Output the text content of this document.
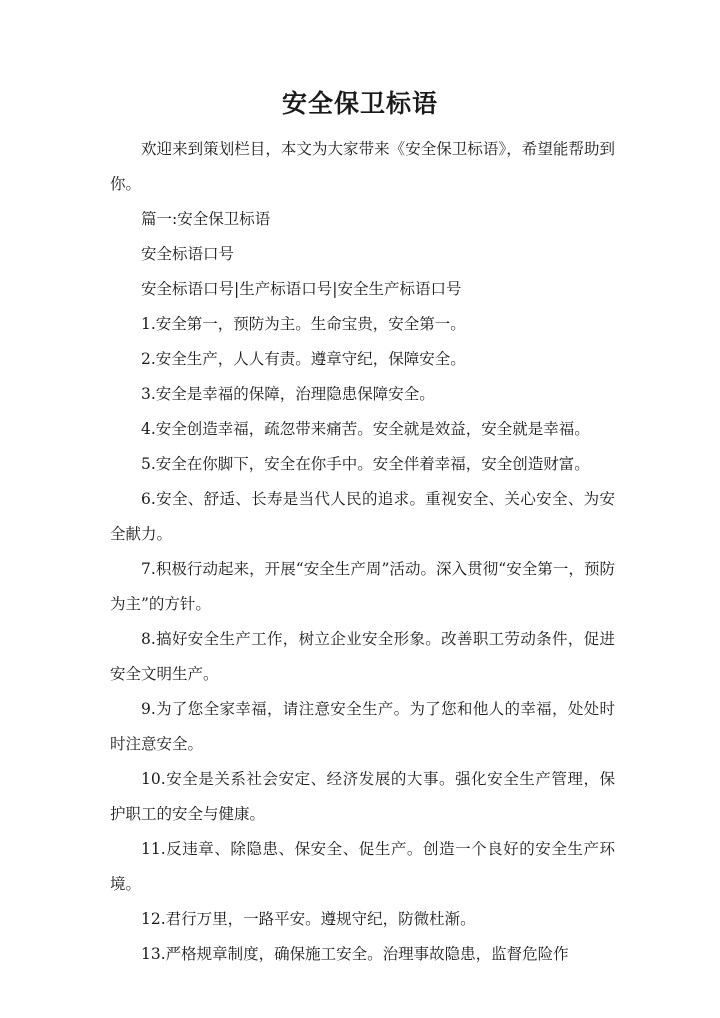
安全保卫标语

欢迎来到策划栏目，本文为大家带来《安全保卫标语》，希望能帮助到你。

篇一:安全保卫标语

安全标语口号

安全标语口号|生产标语口号|安全生产标语口号

1.安全第一，预防为主。生命宝贵，安全第一。

2.安全生产，人人有责。遵章守纪，保障安全。

3.安全是幸福的保障，治理隐患保障安全。

4.安全创造幸福，疏忽带来痛苦。安全就是效益，安全就是幸福。

5.安全在你脚下，安全在你手中。安全伴着幸福，安全创造财富。

6.安全、舒适、长寿是当代人民的追求。重视安全、关心安全、为安全献力。

7.积极行动起来，开展“安全生产周”活动。深入贯彻“安全第一，预防为主”的方针。

8.搞好安全生产工作，树立企业安全形象。改善职工劳动条件，促进安全文明生产。

9.为了您全家幸福，请注意安全生产。为了您和他人的幸福，处处时时注意安全。

10.安全是关系社会安定、经济发展的大事。强化安全生产管理，保护职工的安全与健康。

11.反违章、除隐患、保安全、促生产。创造一个良好的安全生产环境。

12.君行万里，一路平安。遵规守纪，防微杜渐。

13.严格规章制度，确保施工安全。治理事故隐患，监督危险作
